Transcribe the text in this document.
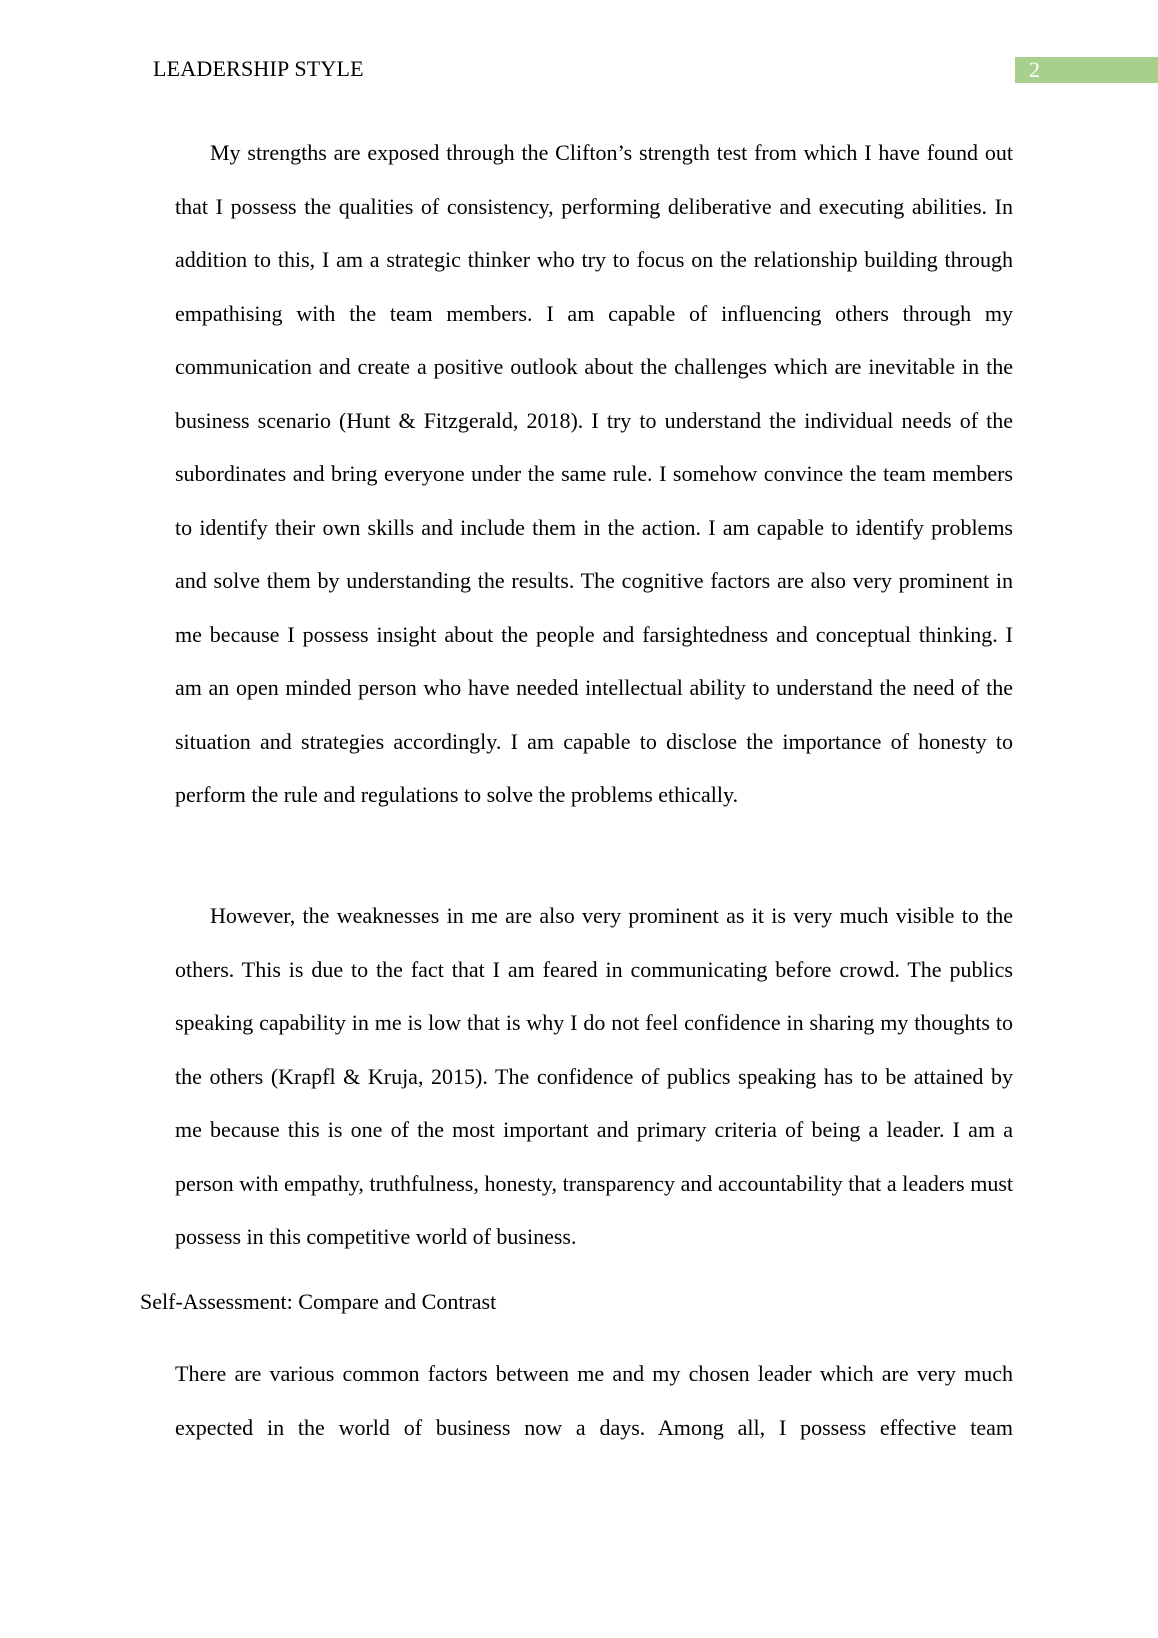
LEADERSHIP STYLE	2

My strengths are exposed through the Clifton’s strength test from which I have found out that I possess the qualities of consistency, performing deliberative and executing abilities. In addition to this, I am a strategic thinker who try to focus on the relationship building through empathising with the team members. I am capable of influencing others through my communication and create a positive outlook about the challenges which are inevitable in the business scenario (Hunt & Fitzgerald, 2018). I try to understand the individual needs of the subordinates and bring everyone under the same rule. I somehow convince the team members to identify their own skills and include them in the action. I am capable to identify problems and solve them by understanding the results. The cognitive factors are also very prominent in me because I possess insight about the people and farsightedness and conceptual thinking. I am an open minded person who have needed intellectual ability to understand the need of the situation and strategies accordingly. I am capable to disclose the importance of honesty to perform the rule and regulations to solve the problems ethically.

However, the weaknesses in me are also very prominent as it is very much visible to the others. This is due to the fact that I am feared in communicating before crowd. The publics speaking capability in me is low that is why I do not feel confidence in sharing my thoughts to the others (Krapfl & Kruja, 2015). The confidence of publics speaking has to be attained by me because this is one of the most important and primary criteria of being a leader. I am a person with empathy, truthfulness, honesty, transparency and accountability that a leaders must possess in this competitive world of business.

Self-Assessment: Compare and Contrast

There are various common factors between me and my chosen leader which are very much expected in the world of business now a days. Among all, I possess effective team
